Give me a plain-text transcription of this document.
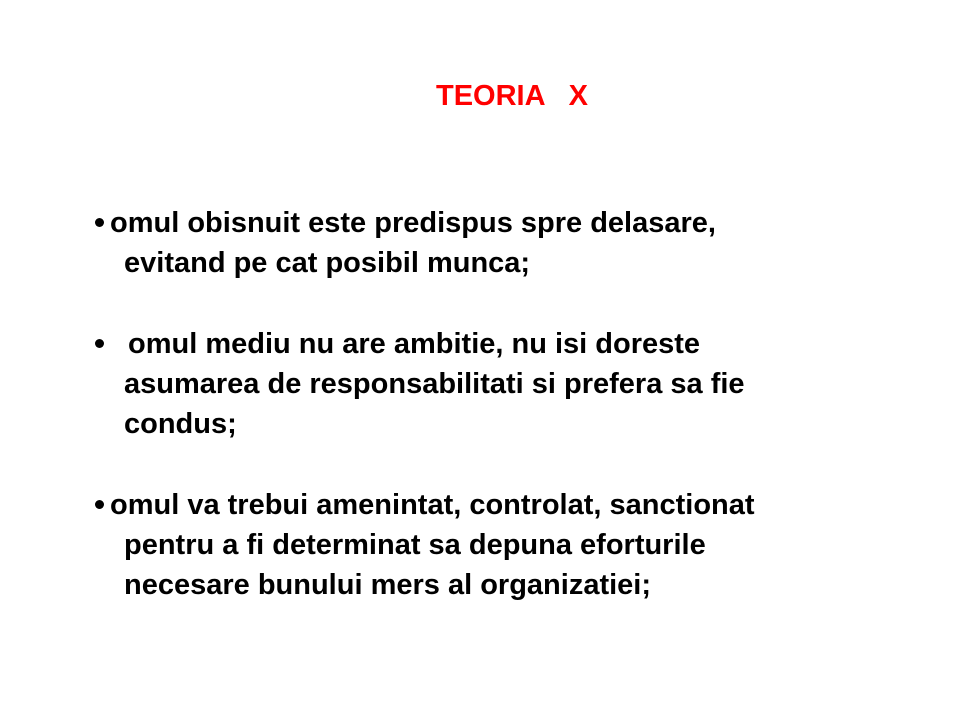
TEORIA   X
omul obisnuit este predispus spre delasare,
evitand pe cat posibil munca;
omul mediu nu are ambitie, nu isi doreste
asumarea de responsabilitati si prefera sa fie
condus;
omul va trebui amenintat, controlat, sanctionat
pentru a fi determinat sa depuna eforturile
necesare bunului mers al organizatiei;
